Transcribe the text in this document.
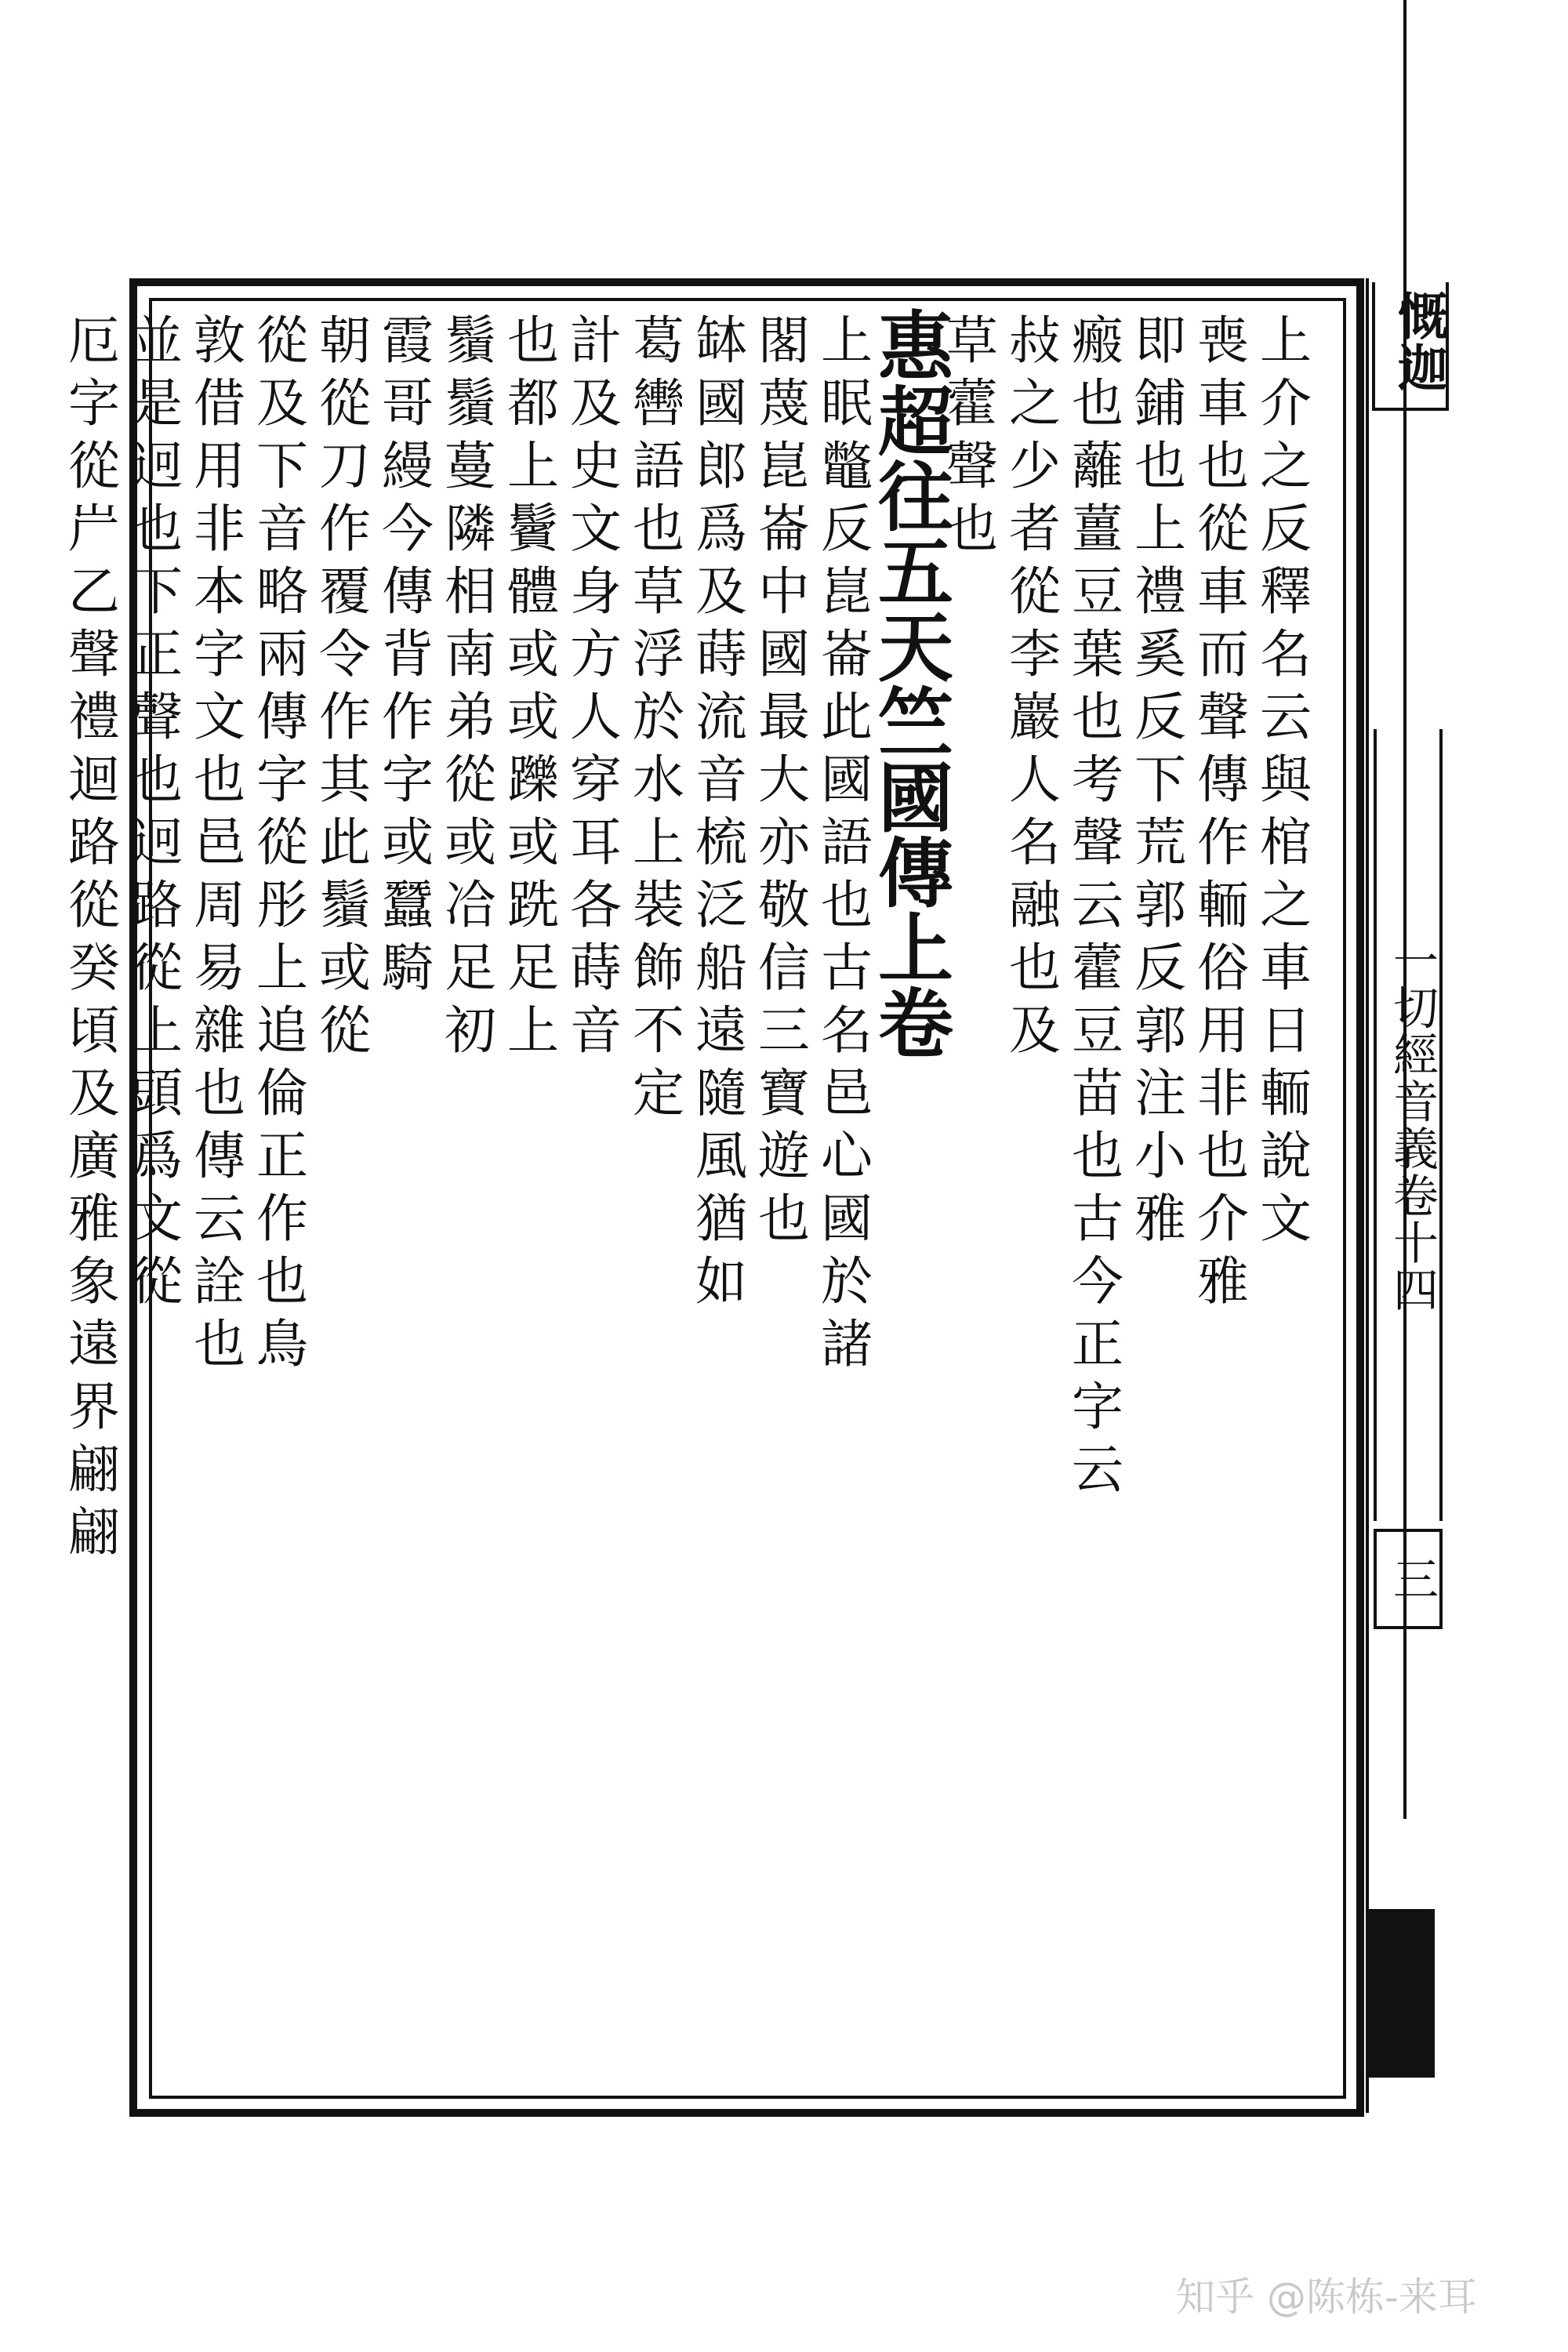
慨迦
一切經音義卷十四
三
上
介
之
反
釋
名
云
與
棺
之
車
日
輀
說
文
喪
車
也
從
車
而
聲
傳
作
輀
俗
用
非
也
介
雅
即
鋪
也
上
禮
奚
反
下
荒
郭
反
郭
注
小
雅
瘢
也
蘺
薑
豆
葉
也
考
聲
云
藿
豆
苗
也
古
今
正
字
云
敊
之
少
者
從
李
巖
人
名
融
也
及
草
藿
聲
也
惠
超
往
五
天
竺
國
傳
上
卷
上
眠
鼈
反
崑
崙
此
國
語
也
古
名
邑
心
國
於
諸
閣
蔑
崑
崙
中
國
最
大
亦
敬
信
三
寶
遊
也
缽
國
郎
爲
及
蒔
流
音
梳
泛
船
遠
隨
風
猶
如
葛
轡
語
也
草
浮
於
水
上
裝
飾
不
定
計
及
史
文
身
方
人
穿
耳
各
蒔
音
也
都
上
鬢
體
或
或
躒
或
跣
足
上
鬚
鬚
蔓
隣
相
南
弟
從
或
冾
足
初
霞
哥
縵
今
傳
背
作
字
或
蠶
騎
朝
從
刀
作
覆
令
作
其
此
鬚
或
從
從
及
下
音
略
兩
傳
字
從
彤
上
追
倫
正
作
也
鳥
敦
借
用
非
本
字
文
也
邑
周
易
雜
也
傳
云
詮
也
並
是
迥
也
下
正
聲
也
迥
路
從
上
頭
爲
文
從
厄
字
從
屵
乙
聲
禮
迴
路
從
癸
頃
及
廣
雅
象
遠
界
翩
翩
知乎 @陈栋-来耳
